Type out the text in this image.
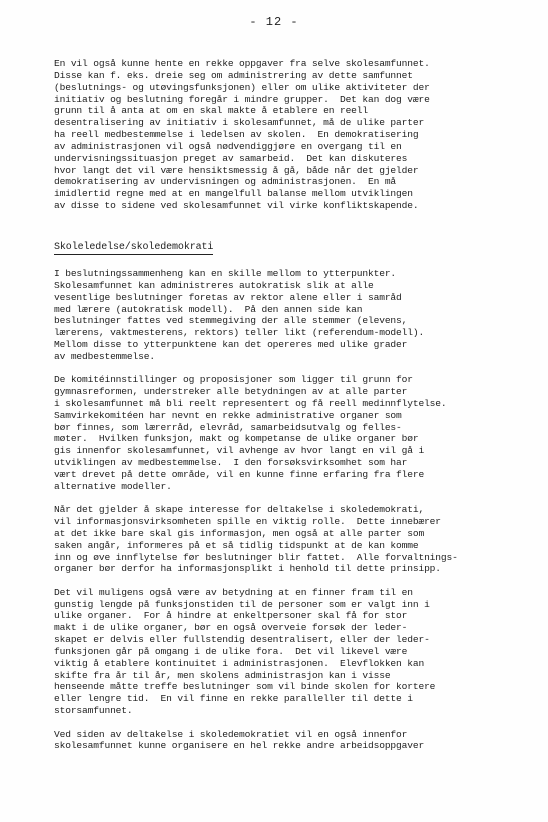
- 12 -
En vil også kunne hente en rekke oppgaver fra selve skolesamfunnet.
Disse kan f. eks. dreie seg om administrering av dette samfunnet
(beslutnings- og utøvingsfunksjonen) eller om ulike aktiviteter der
initiativ og beslutning foregår i mindre grupper.  Det kan dog være
grunn til å anta at om en skal makte å etablere en reell
desentralisering av initiativ i skolesamfunnet, må de ulike parter
ha reell medbestemmelse i ledelsen av skolen.  En demokratisering
av administrasjonen vil også nødvendiggjøre en overgang til en
undervisningssituasjon preget av samarbeid.  Det kan diskuteres
hvor langt det vil være hensiktsmessig å gå, både når det gjelder
demokratisering av undervisningen og administrasjonen.  En må
imidlertid regne med at en mangelfull balanse mellom utviklingen
av disse to sidene ved skolesamfunnet vil virke konfliktskapende.
Skoleledelse/skoledemokrati
I beslutningssammenheng kan en skille mellom to ytterpunkter.
Skolesamfunnet kan administreres autokratisk slik at alle
vesentlige beslutninger foretas av rektor alene eller i samråd
med lærere (autokratisk modell).  På den annen side kan
beslutninger fattes ved stemmegiving der alle stemmer (elevens,
lærerens, vaktmesterens, rektors) teller likt (referendum-modell).
Mellom disse to ytterpunktene kan det opereres med ulike grader
av medbestemmelse.
De komitéinnstillinger og proposisjoner som ligger til grunn for
gymnasreformen, understreker alle betydningen av at alle parter
i skolesamfunnet må bli reelt representert og få reell medinnflytelse.
Samvirkekomitéen har nevnt en rekke administrative organer som
bør finnes, som lærerråd, elevråd, samarbeidsutvalg og felles-
møter.  Hvilken funksjon, makt og kompetanse de ulike organer bør
gis innenfor skolesamfunnet, vil avhenge av hvor langt en vil gå i
utviklingen av medbestemmelse.  I den forsøksvirksomhet som har
vært drevet på dette område, vil en kunne finne erfaring fra flere
alternative modeller.
Når det gjelder å skape interesse for deltakelse i skoledemokrati,
vil informasjonsvirksomheten spille en viktig rolle.  Dette innebærer
at det ikke bare skal gis informasjon, men også at alle parter som
saken angår, informeres på et så tidlig tidspunkt at de kan komme
inn og øve innflytelse før beslutninger blir fattet.  Alle forvaltnings-
organer bør derfor ha informasjonsplikt i henhold til dette prinsipp.
Det vil muligens også være av betydning at en finner fram til en
gunstig lengde på funksjonstiden til de personer som er valgt inn i
ulike organer.  For å hindre at enkeltpersoner skal få for stor
makt i de ulike organer, bør en også overveie forsøk der leder-
skapet er delvis eller fullstendig desentralisert, eller der leder-
funksjonen går på omgang i de ulike fora.  Det vil likevel være
viktig å etablere kontinuitet i administrasjonen.  Elevflokken kan
skifte fra år til år, men skolens administrasjon kan i visse
henseende måtte treffe beslutninger som vil binde skolen for kortere
eller lengre tid.  En vil finne en rekke paralleller til dette i
storsamfunnet.
Ved siden av deltakelse i skoledemokratiet vil en også innenfor
skolesamfunnet kunne organisere en hel rekke andre arbeidsoppgaver
